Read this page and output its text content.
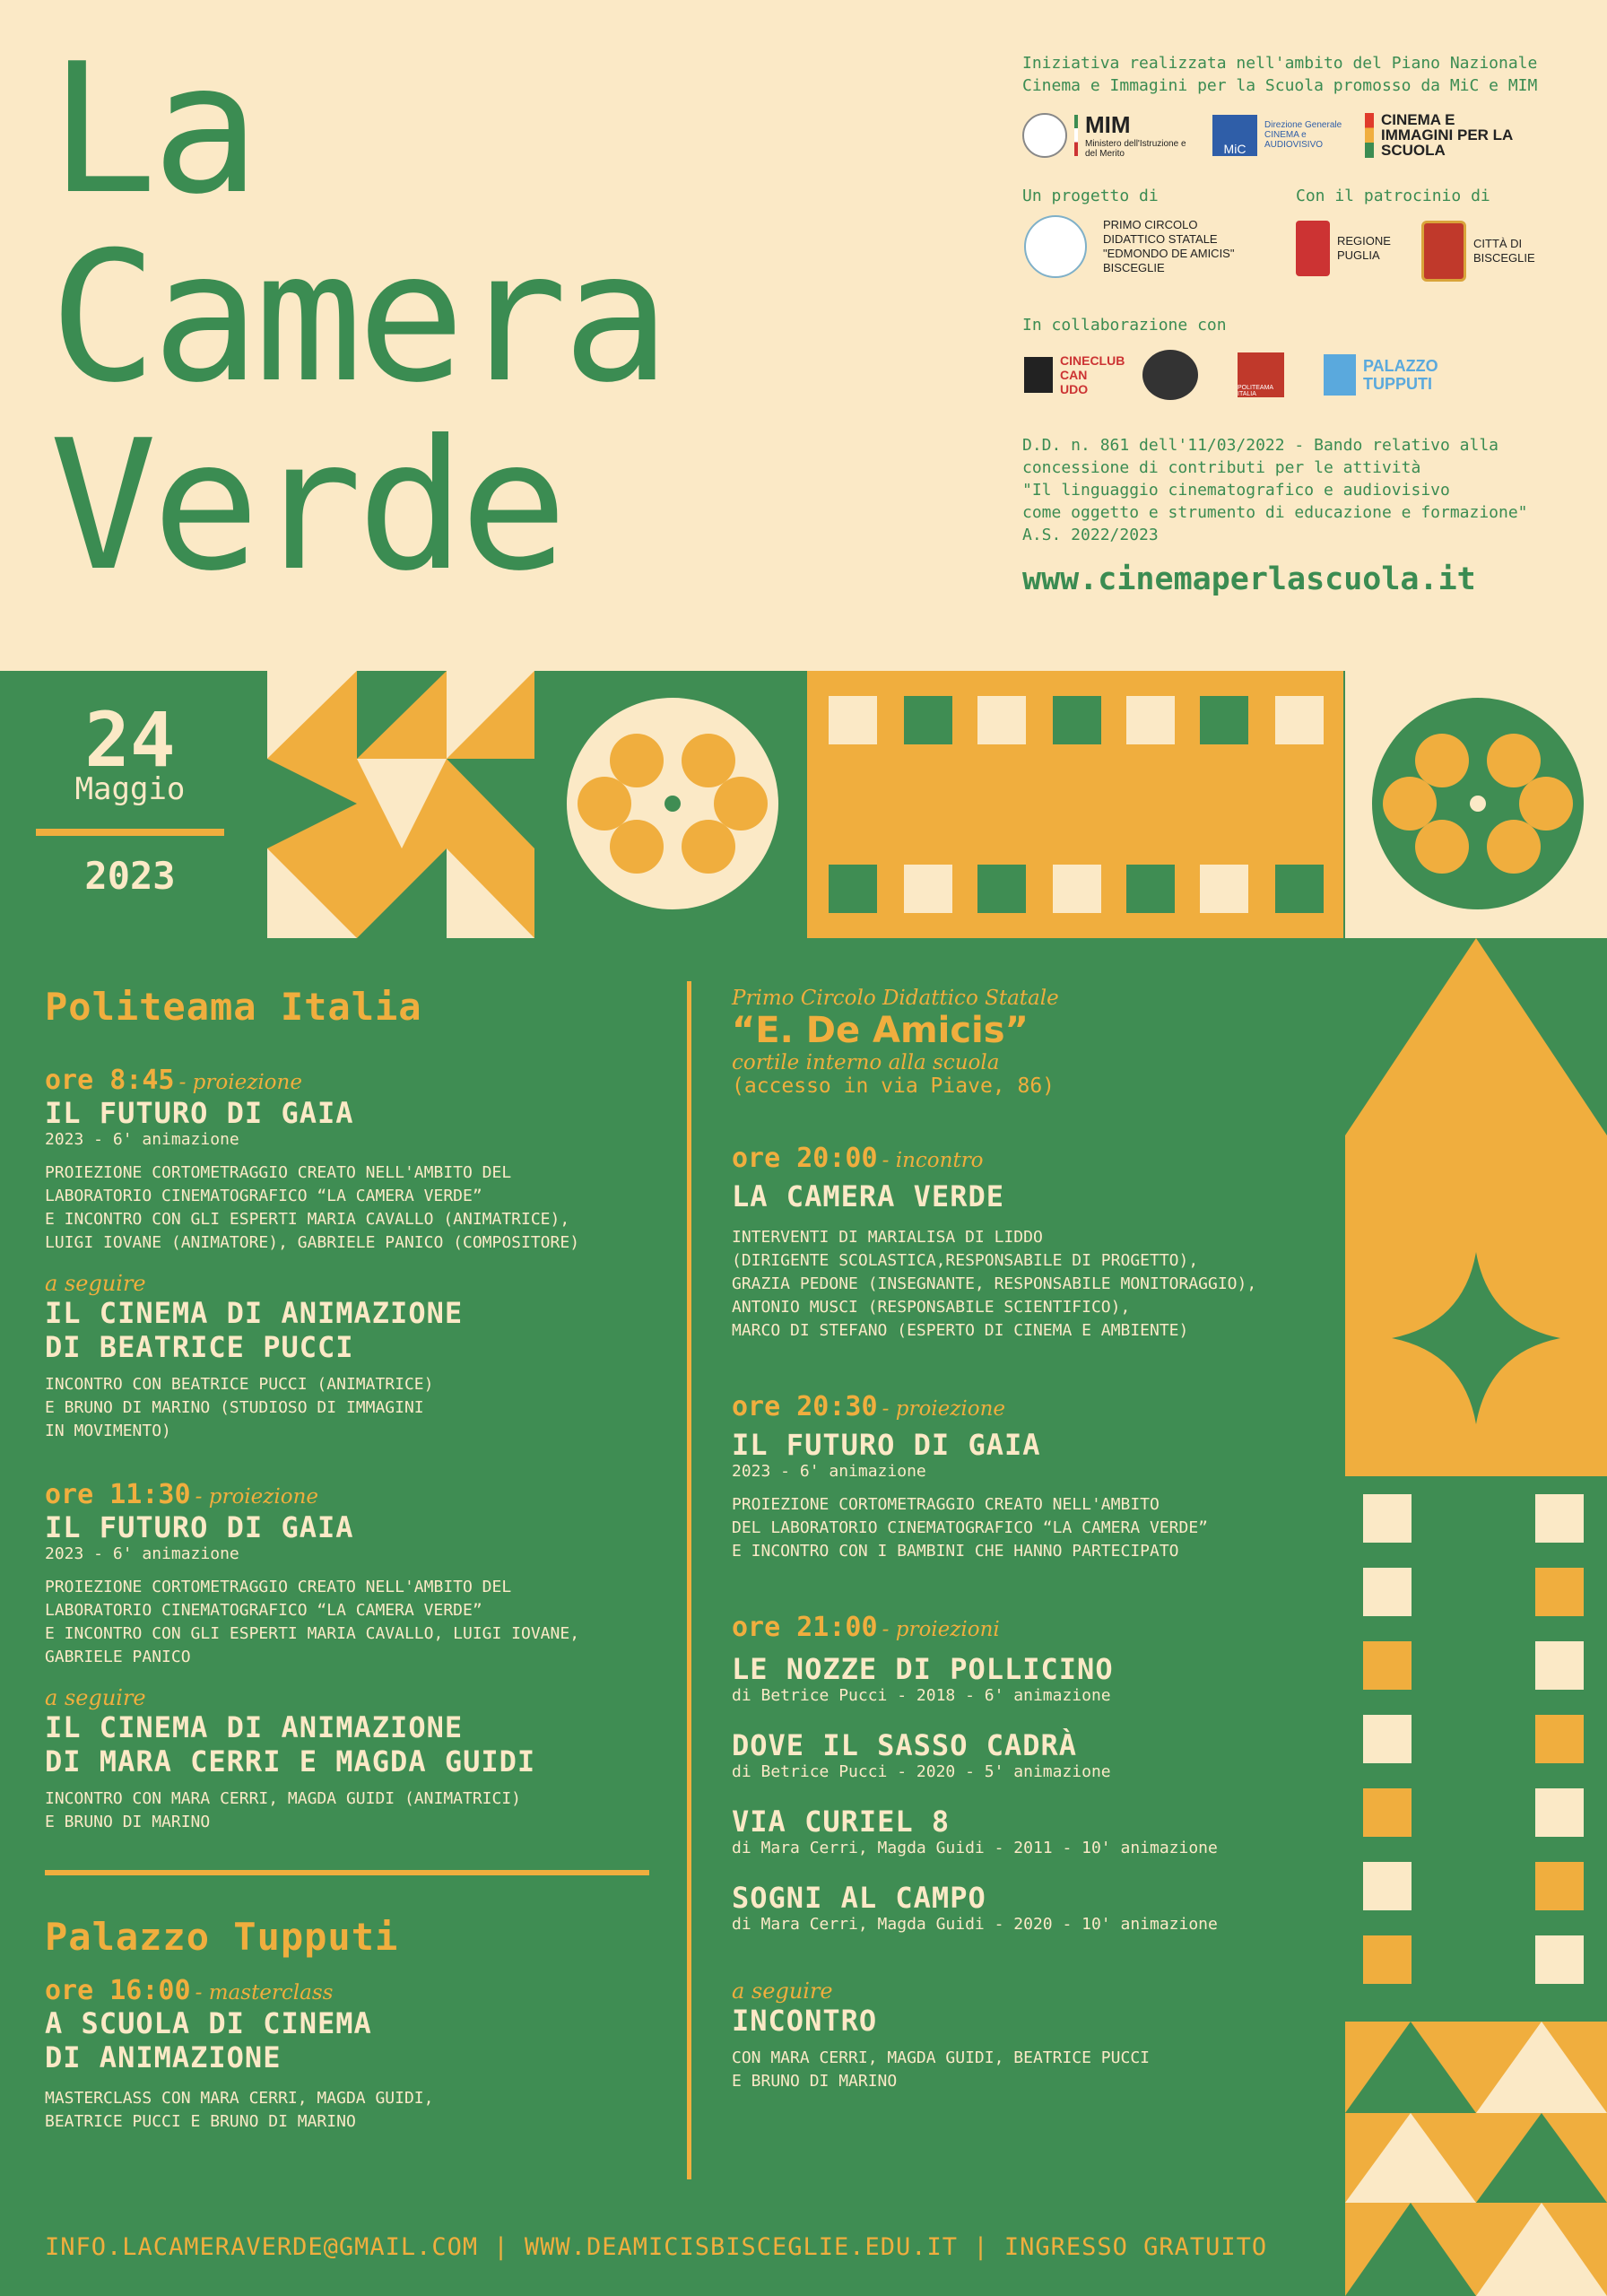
La
Camera
Verde
Iniziativa realizzata nell'ambito del Piano Nazionale
Cinema e Immagini per la Scuola promosso da MiC e MIM
MIM
Ministero dell'Istruzione e del Merito	MiC
Direzione Generale CINEMA e AUDIOVISIVO
CINEMA E IMMAGINI PER LA SCUOLA
Un progetto di	Con il patrocinio di
PRIMO CIRCOLO
DIDATTICO STATALE
"EDMONDO DE AMICIS"
BISCEGLIE
REGIONE
PUGLIA
CITTÀ DI
BISCEGLIE
In collaborazione con
CINECLUB CAN UDO	POLITEAMA ITALIA
PALAZZO TUPPUTI
D.D. n. 861 dell'11/03/2022 - Bando relativo alla
concessione di contributi per le attività
"Il linguaggio cinematografico e audiovisivo
come oggetto e strumento di educazione e formazione"
A.S. 2022/2023
www.cinemaperlascuola.it
24
Maggio
2023
Politeama Italia
ore 8:45 - proiezione
IL FUTURO DI GAIA
2023 - 6' animazione
PROIEZIONE CORTOMETRAGGIO CREATO NELL'AMBITO DEL
LABORATORIO CINEMATOGRAFICO “LA CAMERA VERDE”
E INCONTRO CON GLI ESPERTI MARIA CAVALLO (ANIMATRICE),
LUIGI IOVANE (ANIMATORE), GABRIELE PANICO (COMPOSITORE)
a seguire
IL CINEMA DI ANIMAZIONE
DI BEATRICE PUCCI
INCONTRO CON BEATRICE PUCCI (ANIMATRICE)
E BRUNO DI MARINO (STUDIOSO DI IMMAGINI
IN MOVIMENTO)
ore 11:30 - proiezione
IL FUTURO DI GAIA
2023 - 6' animazione
PROIEZIONE CORTOMETRAGGIO CREATO NELL'AMBITO DEL
LABORATORIO CINEMATOGRAFICO “LA CAMERA VERDE”
E INCONTRO CON GLI ESPERTI MARIA CAVALLO, LUIGI IOVANE,
GABRIELE PANICO
a seguire
IL CINEMA DI ANIMAZIONE
DI MARA CERRI E MAGDA GUIDI
INCONTRO CON MARA CERRI, MAGDA GUIDI (ANIMATRICI)
E BRUNO DI MARINO
Palazzo Tupputi
ore 16:00 - masterclass
A SCUOLA DI CINEMA
DI ANIMAZIONE
MASTERCLASS CON MARA CERRI, MAGDA GUIDI,
BEATRICE PUCCI E BRUNO DI MARINO
Primo Circolo Didattico Statale
“E. De Amicis”
cortile interno alla scuola
(accesso in via Piave, 86)
ore 20:00 - incontro
LA CAMERA VERDE
INTERVENTI DI MARIALISA DI LIDDO
(DIRIGENTE SCOLASTICA,RESPONSABILE DI PROGETTO),
GRAZIA PEDONE (INSEGNANTE, RESPONSABILE MONITORAGGIO),
ANTONIO MUSCI (RESPONSABILE SCIENTIFICO),
MARCO DI STEFANO (ESPERTO DI CINEMA E AMBIENTE)
ore 20:30 - proiezione
IL FUTURO DI GAIA
2023 - 6' animazione
PROIEZIONE CORTOMETRAGGIO CREATO NELL'AMBITO
DEL LABORATORIO CINEMATOGRAFICO “LA CAMERA VERDE”
E INCONTRO CON I BAMBINI CHE HANNO PARTECIPATO
ore 21:00 - proiezioni
LE NOZZE DI POLLICINO
di Betrice Pucci - 2018 - 6' animazione
DOVE IL SASSO CADRÀ
di Betrice Pucci - 2020 - 5' animazione
VIA CURIEL 8
di Mara Cerri, Magda Guidi - 2011 - 10' animazione
SOGNI AL CAMPO
di Mara Cerri, Magda Guidi - 2020 - 10' animazione
a seguire
INCONTRO
CON MARA CERRI, MAGDA GUIDI, BEATRICE PUCCI
E BRUNO DI MARINO
INFO.LACAMERAVERDE@GMAIL.COM | WWW.DEAMICISBISCEGLIE.EDU.IT | INGRESSO GRATUITO
